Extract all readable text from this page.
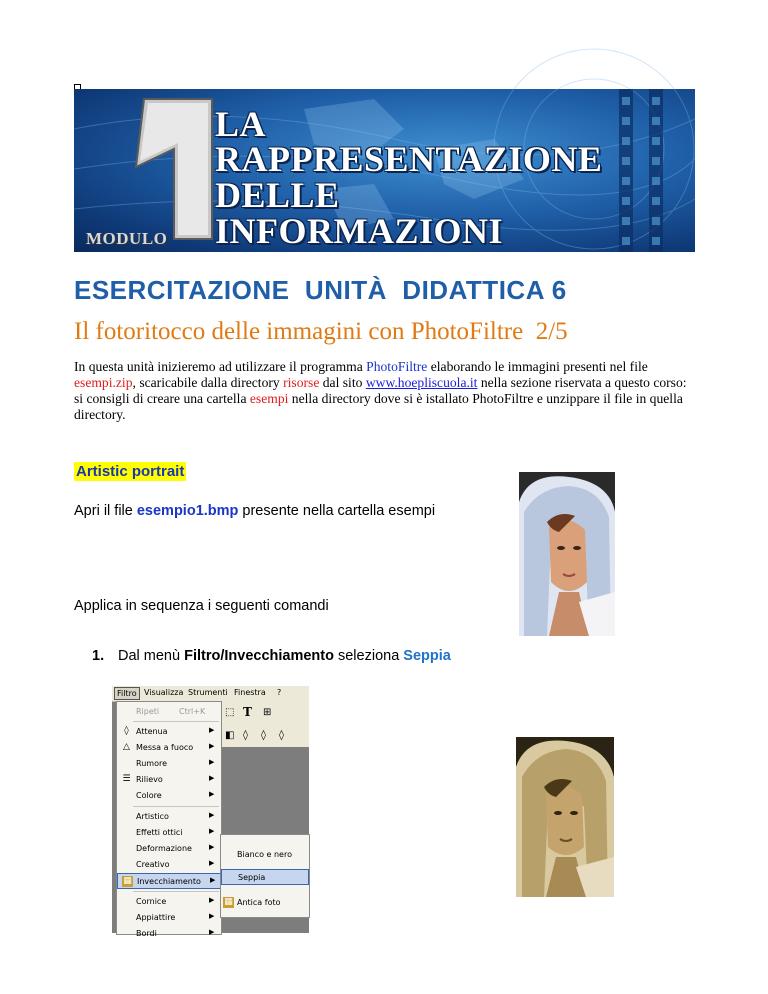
LA
RAPPRESENTAZIONE
DELLE
INFORMAZIONI
MODULO
ESERCITAZIONE  UNITÀ  DIDATTICA 6
Il fotoritocco delle immagini con PhotoFiltre  2/5
In questa unità inizieremo ad utilizzare il programma PhotoFiltre elaborando le immagini presenti nel file esempi.zip, scaricabile dalla directory risorse dal sito www.hoepliscuola.it nella sezione riservata a questo corso: si consigli di creare una cartella esempi nella directory dove si è istallato PhotoFiltre e unzippare il file in quella directory.
Artistic portrait
Apri il file esempio1.bmp presente nella cartella esempi
Applica in sequenza i seguenti comandi
1. Dal menù Filtro/Invecchiamento seleziona Seppia
Filtro Visualizza Strumenti Finestra ?
⬚ T ⊞
◧ ◊ ◊ ◊
Ripeti Ctrl+K
◊ Attenua	▶
△ Messa a fuoco ▶
Rumore	▶
☰ Rilievo	▶
Colore	▶
Artistico	▶
Effetti ottici	▶
Deformazione ▶
Creativo	▶
▦ Invecchiamento ▶
Cornice	▶
Appiattire	▶
Bordi	▶
Bianco e nero
Seppia
▦ Antica foto
